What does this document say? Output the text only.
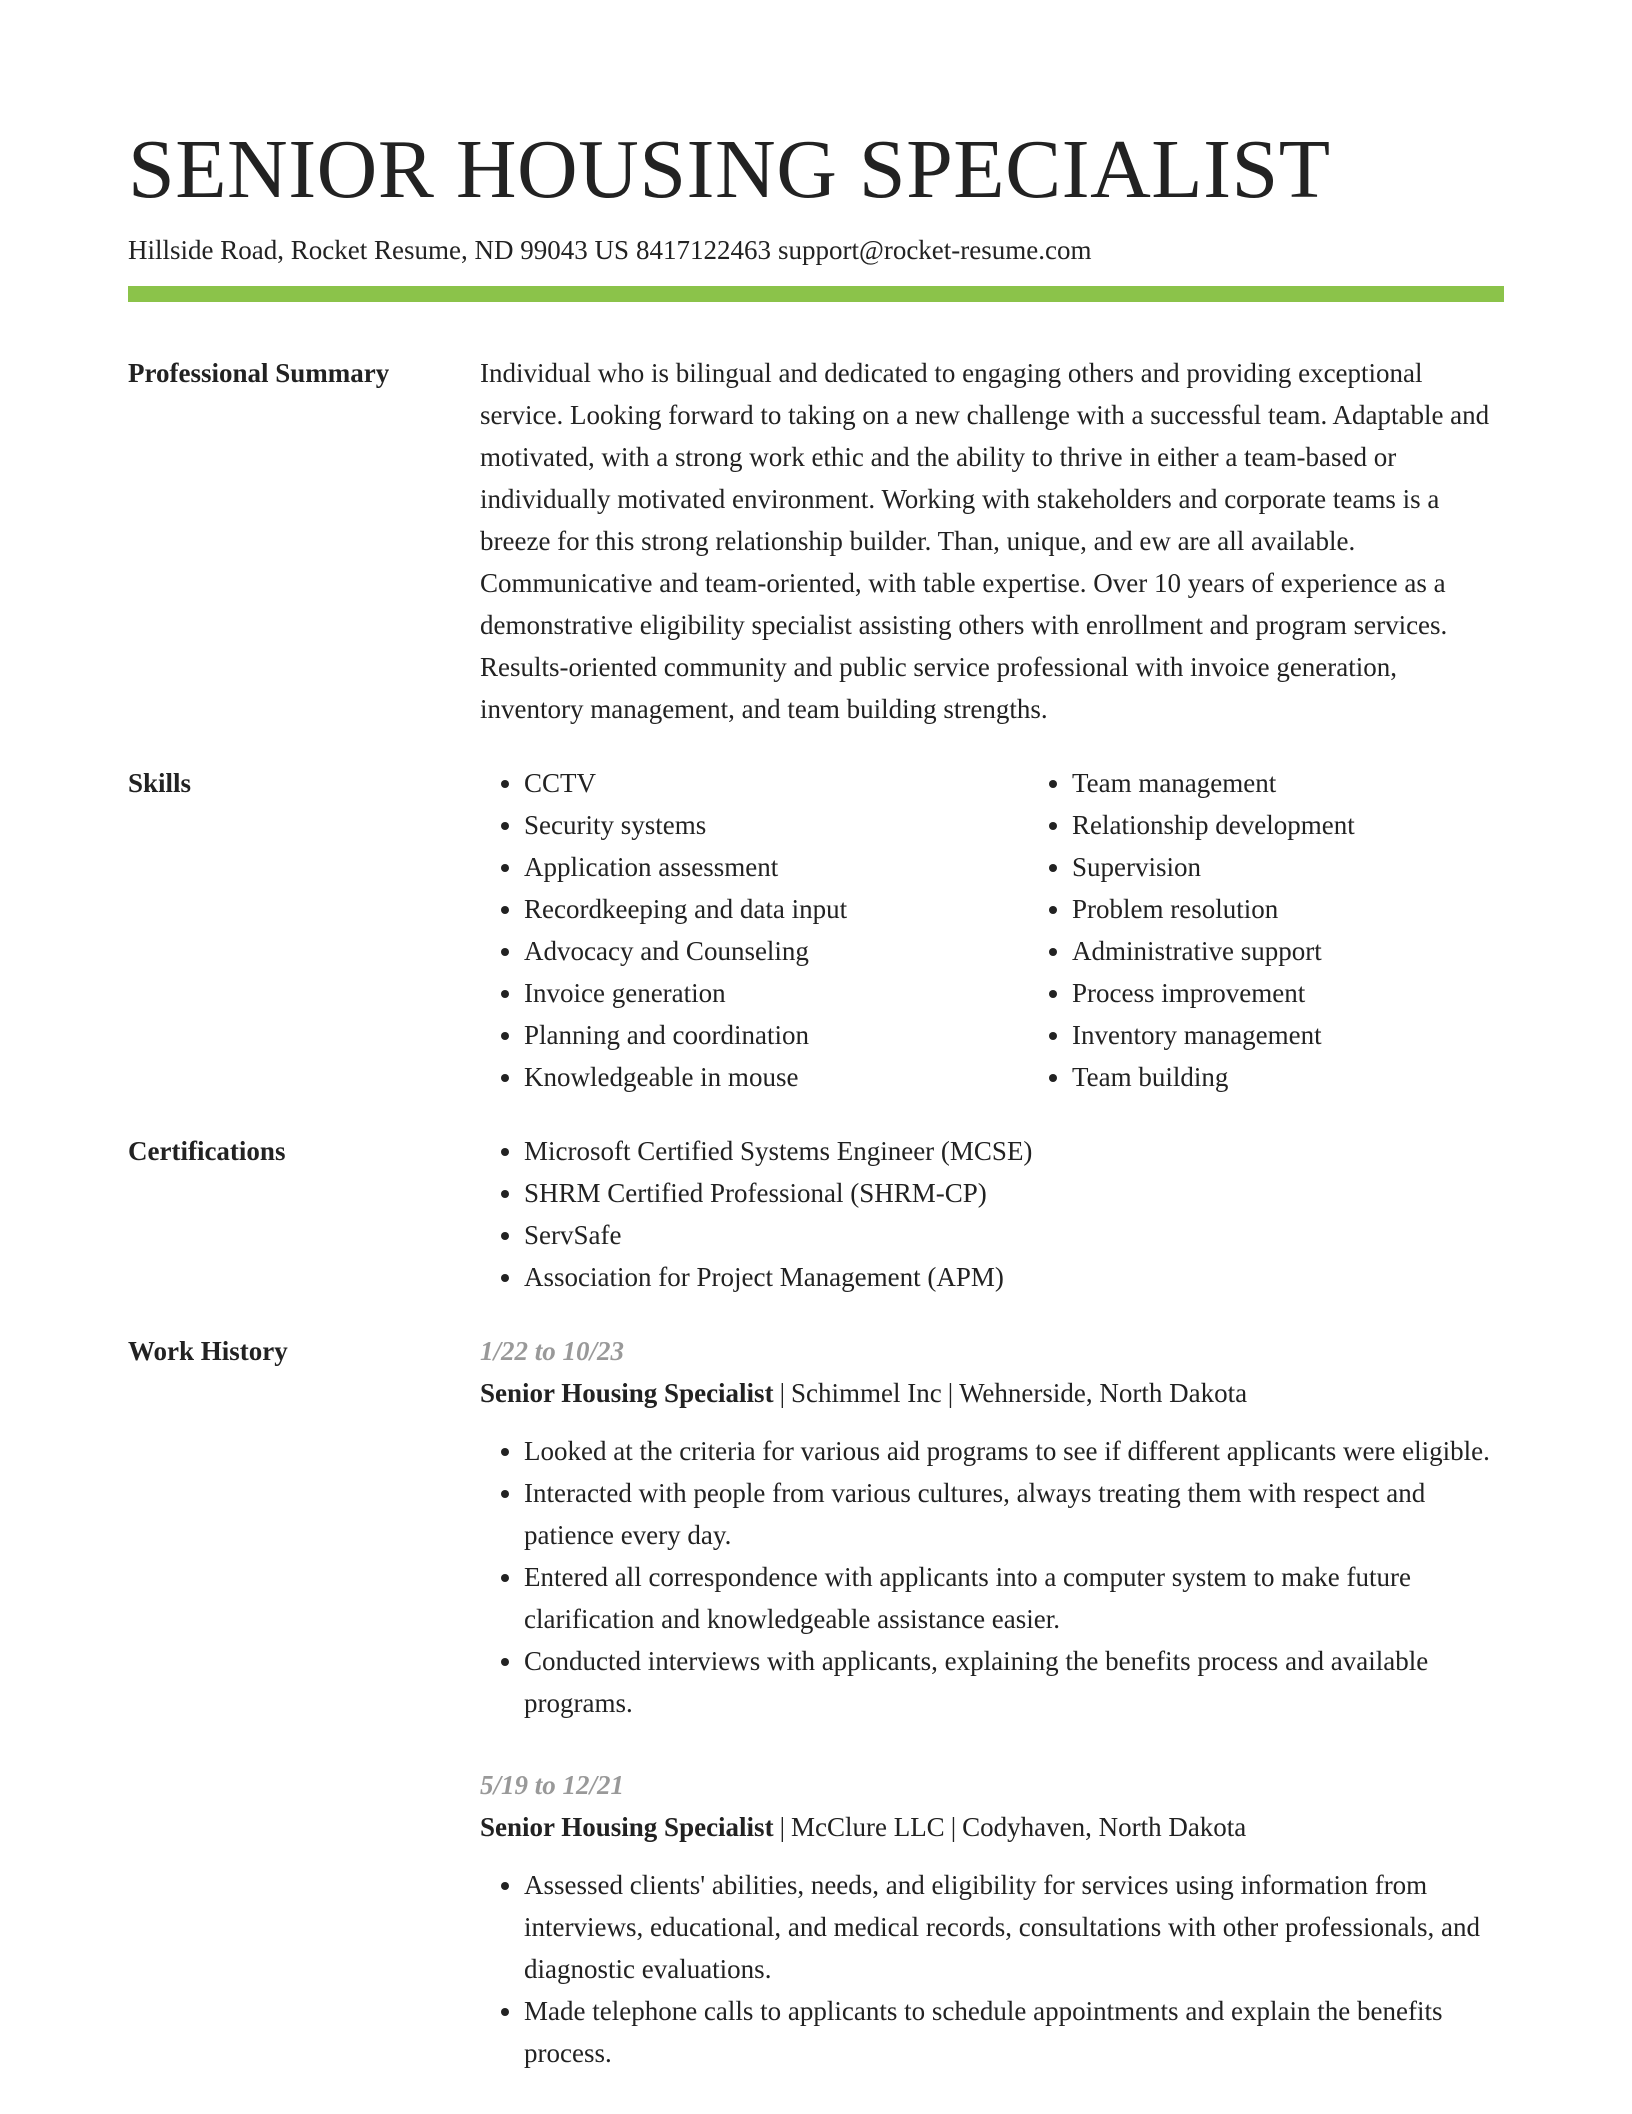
SENIOR HOUSING SPECIALIST
Hillside Road, Rocket Resume, ND 99043 US 8417122463 support@rocket-resume.com
Professional Summary	Individual who is bilingual and dedicated to engaging others and providing exceptional service. Looking forward to taking on a new challenge with a successful team. Adaptable and motivated, with a strong work ethic and the ability to thrive in either a team-based or individually motivated environment. Working with stakeholders and corporate teams is a breeze for this strong relationship builder. Than, unique, and ew are all available. Communicative and team-oriented, with table expertise. Over 10 years of experience as a demonstrative eligibility specialist assisting others with enrollment and program services. Results-oriented community and public service professional with invoice generation, inventory management, and team building strengths.

Skills	• CCTV
• Security systems
• Application assessment
• Recordkeeping and data input
• Advocacy and Counseling
• Invoice generation
• Planning and coordination
• Knowledgeable in mouse
• Team management
• Relationship development
• Supervision
• Problem resolution
• Administrative support
• Process improvement
• Inventory management
• Team building
Certifications	• Microsoft Certified Systems Engineer (MCSE)
• SHRM Certified Professional (SHRM-CP)
• ServSafe
• Association for Project Management (APM)
Work History	1/22 to 10/23
Senior Housing Specialist | Schimmel Inc | Wehnerside, North Dakota
• Looked at the criteria for various aid programs to see if different applicants were eligible.
• Interacted with people from various cultures, always treating them with respect and patience every day.
• Entered all correspondence with applicants into a computer system to make future clarification and knowledgeable assistance easier.
• Conducted interviews with applicants, explaining the benefits process and available programs.
5/19 to 12/21
Senior Housing Specialist | McClure LLC | Codyhaven, North Dakota
• Assessed clients' abilities, needs, and eligibility for services using information from interviews, educational, and medical records, consultations with other professionals, and diagnostic evaluations.
• Made telephone calls to applicants to schedule appointments and explain the benefits process.
